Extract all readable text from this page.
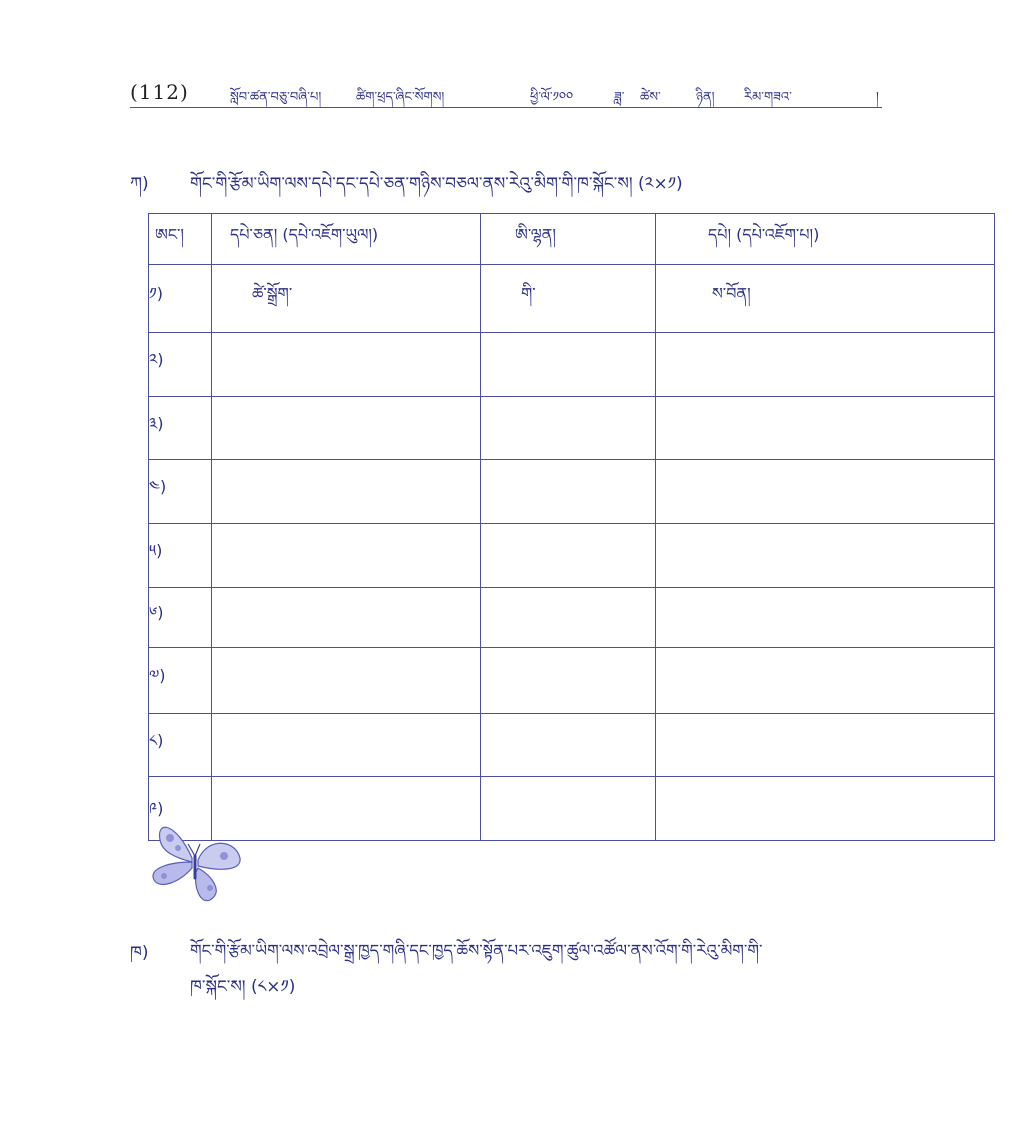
(112)	སློབ་ཚན་བཅུ་བཞི་པ།	ཚིག་ཕྲད་ཞིང་སོགས།	ཕྱི་ལོ་༡༠༠	ཟླ་ ཚེས་	ཉིན། རིམ་གཟའ་	།
ཀ) གོང་གི་རྩོམ་ཡིག་ལས་དཔེ་དང་དཔེ་ཅན་གཉིས་བཅལ་ནས་རེའུ་མིག་གི་ཁ་སྐོང་ས། (༢×༡)
ཨང་།	དཔེ་ཅན། (དཔེ་འཇོག་ཡུལ།)	ཨི་ལྷན།	དཔེ། (དཔེ་འཇོག་པ།)
༡)	ཚེ་སྒྲོག་	གི་	ས་བོན།
༢)			
༣)			
༤)			
༥)			
༦)			
༧)			
༨)			
༩)			
ཁ)	གོང་གི་རྩོམ་ཡིག་ལས་འབྲེལ་སྒྲ་ཁྱད་གཞི་དང་ཁྱད་ཆོས་སྟོན་པར་འཇུག་ཚུལ་འཚོལ་ནས་འོག་གི་རེའུ་མིག་གི་
ཁ་སྐོང་ས། (༨×༡)
